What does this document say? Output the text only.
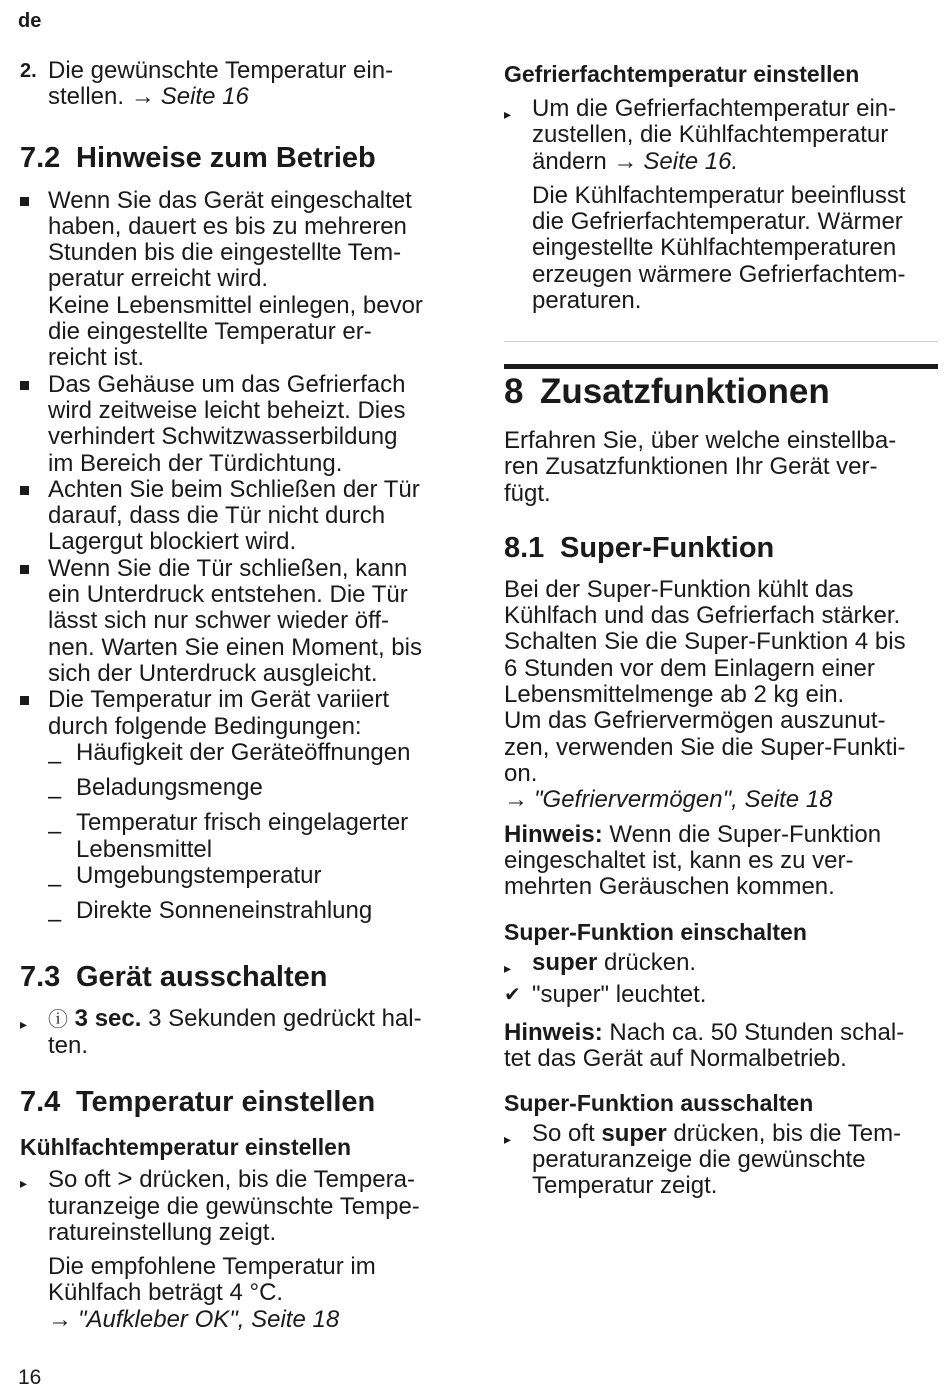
de
2. Die gewünschte Temperatur ein-
stellen. → Seite 16
7.2 Hinweise zum Betrieb
Wenn Sie das Gerät eingeschaltet
haben, dauert es bis zu mehreren
Stunden bis die eingestellte Tem-
peratur erreicht wird.
Keine Lebensmittel einlegen, bevor
die eingestellte Temperatur er-
reicht ist.
Das Gehäuse um das Gefrierfach
wird zeitweise leicht beheizt. Dies
verhindert Schwitzwasserbildung
im Bereich der Türdichtung.
Achten Sie beim Schließen der Tür
darauf, dass die Tür nicht durch
Lagergut blockiert wird.
Wenn Sie die Tür schließen, kann
ein Unterdruck entstehen. Die Tür
lässt sich nur schwer wieder öff-
nen. Warten Sie einen Moment, bis
sich der Unterdruck ausgleicht.
Die Temperatur im Gerät variiert
durch folgende Bedingungen:
– Häufigkeit der Geräteöffnungen
– Beladungsmenge
– Temperatur frisch eingelagerter
Lebensmittel
– Umgebungstemperatur
– Direkte Sonneneinstrahlung
7.3 Gerät ausschalten
▸	ⓘ 3 sec. 3 Sekunden gedrückt hal-
ten.
7.4 Temperatur einstellen
Kühlfachtemperatur einstellen
▸ So oft > drücken, bis die Tempera-
turanzeige die gewünschte Tempe-
ratureinstellung zeigt.
Die empfohlene Temperatur im
Kühlfach beträgt 4 °C.
→ "Aufkleber OK", Seite 18
Gefrierfachtemperatur einstellen
▸ Um die Gefrierfachtemperatur ein-
zustellen, die Kühlfachtemperatur
ändern → Seite 16.
Die Kühlfachtemperatur beeinflusst
die Gefrierfachtemperatur. Wärmer
eingestellte Kühlfachtemperaturen
erzeugen wärmere Gefrierfachtem-
peraturen.
8 Zusatzfunktionen
Erfahren Sie, über welche einstellba-
ren Zusatzfunktionen Ihr Gerät ver-
fügt.
8.1 Super-Funktion
Bei der Super-Funktion kühlt das
Kühlfach und das Gefrierfach stärker.
Schalten Sie die Super-Funktion 4 bis
6 Stunden vor dem Einlagern einer
Lebensmittelmenge ab 2 kg ein.
Um das Gefriervermögen auszunut-
zen, verwenden Sie die Super-Funkti-
on.
→ "Gefriervermögen", Seite 18
Hinweis: Wenn die Super-Funktion
eingeschaltet ist, kann es zu ver-
mehrten Geräuschen kommen.
Super-Funktion einschalten
▸ super drücken.
✔ "super" leuchtet.
Hinweis: Nach ca. 50 Stunden schal-
tet das Gerät auf Normalbetrieb.
Super-Funktion ausschalten
▸ So oft super drücken, bis die Tem-
peraturanzeige die gewünschte
Temperatur zeigt.
16
